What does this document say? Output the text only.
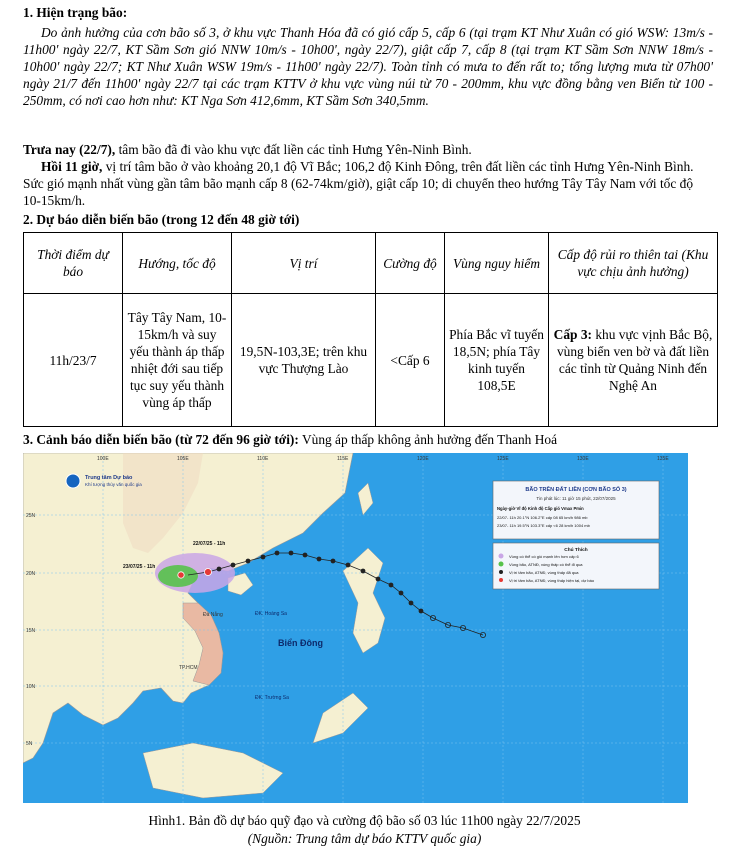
1. Hiện trạng bão:
Do ảnh hưởng của cơn bão số 3, ở khu vực Thanh Hóa đã có gió cấp 5, cấp 6 (tại trạm KT Như Xuân có gió WSW: 13m/s - 11h00' ngày 22/7, KT Sầm Sơn gió NNW 10m/s - 10h00', ngày 22/7), giật cấp 7, cấp 8 (tại trạm KT Sầm Sơn NNW 18m/s - 10h00' ngày 22/7; KT Như Xuân WSW 19m/s - 11h00' ngày 22/7). Toàn tỉnh có mưa to đến rất to; tổng lượng mưa từ 07h00' ngày 21/7 đến 11h00' ngày 22/7 tại các trạm KTTV ở khu vực vùng núi từ 70 - 200mm, khu vực đồng bằng ven Biển từ 100 - 250mm, có nơi cao hơn như: KT Nga Sơn 412,6mm, KT Sầm Sơn 340,5mm.
Trưa nay (22/7), tâm bão đã đi vào khu vực đất liền các tỉnh Hưng Yên-Ninh Bình.
Hồi 11 giờ, vị trí tâm bão ở vào khoảng 20,1 độ Vĩ Bắc; 106,2 độ Kinh Đông, trên đất liền các tỉnh Hưng Yên-Ninh Bình. Sức gió mạnh nhất vùng gần tâm bão mạnh cấp 8 (62-74km/giờ), giật cấp 10; di chuyển theo hướng Tây Tây Nam với tốc độ 10-15km/h.
2. Dự báo diễn biến bão (trong 12 đến 48 giờ tới)
Thời điểm dự báo	Hướng, tốc độ	Vị trí	Cường độ	Vùng nguy hiểm	Cấp độ rủi ro thiên tai (Khu vực chịu ảnh hưởng)
11h/23/7	Tây Tây Nam, 10-15km/h và suy yếu thành áp thấp nhiệt đới sau tiếp tục suy yếu thành vùng áp thấp	19,5N-103,3E; trên khu vực Thượng Lào	<Cấp 6	Phía Bắc vĩ tuyến 18,5N; phía Tây kinh tuyến 108,5E	Cấp 3: khu vực vịnh Bắc Bộ, vùng biển ven bờ và đất liền các tỉnh từ Quảng Ninh đến Nghệ An
3. Cảnh báo diễn biến bão (từ 72 đến 96 giờ tới): Vùng áp thấp không ảnh hưởng đến Thanh Hoá
100E	105E	110E	115E	120E	125E	130E	135E
25N
20N
15N
10N
5N
Trung tâm Dự báo
Khí tượng thủy văn quốc gia
22/07/25 - 11h
23/07/25 - 11h
Biển Đông
ĐK. Hoàng Sa
ĐK. Trường Sa
Đà Nẵng
TP.HCM
BÃO TRÊN ĐẤT LIỀN (CƠN BÃO SỐ 3)
Tin phát lúc: 11 giờ 15 phút, 22/07/2025
Ngày-giờ Vĩ độ Kinh độ Cấp gió Vmax Pmin
22/07- 11h 20.1°N 106.2°E cấp 08 65 km/h 986 mb
23/07- 11h 19.5°N 103.3°E cấp <6 28 km/h 1004 mb
Chú Thích
Vùng có thể có gió mạnh lên hơn cấp 6
Vùng bão, ATNĐ, vùng thấp có thể đi qua
Vị trí tâm bão, ATNĐ, vùng thấp đã qua
Vị trí tâm bão, ATNĐ, vùng thấp hiện tại, dự báo
Hình1. Bản đồ dự báo quỹ đạo và cường độ bão số 03 lúc 11h00 ngày 22/7/2025
(Nguồn: Trung tâm dự báo KTTV quốc gia)
